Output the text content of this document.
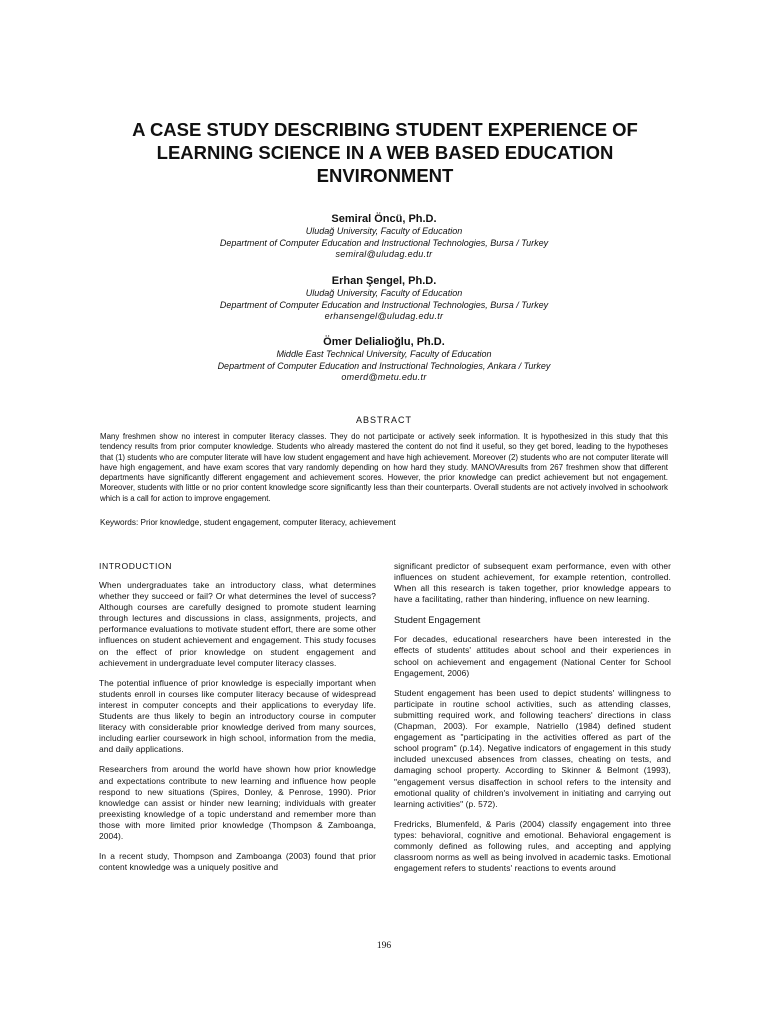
A CASE STUDY DESCRIBING STUDENT EXPERIENCE OF LEARNING SCIENCE IN A WEB BASED EDUCATION ENVIRONMENT
Semiral Öncü, Ph.D.
Uludağ University, Faculty of Education
Department of Computer Education and Instructional Technologies, Bursa / Turkey
semiral@uludag.edu.tr
Erhan Şengel, Ph.D.
Uludağ University, Faculty of Education
Department of Computer Education and Instructional Technologies, Bursa / Turkey
erhansengel@uludag.edu.tr
Ömer Delialioğlu, Ph.D.
Middle East Technical University, Faculty of Education
Department of Computer Education and Instructional Technologies, Ankara / Turkey
omerd@metu.edu.tr
ABSTRACT

Many freshmen show no interest in computer literacy classes. They do not participate or actively seek information. It is hypothesized in this study that this tendency results from prior computer knowledge. Students who already mastered the content do not find it useful, so they get bored, leading to the hypotheses that (1) students who are computer literate will have low student engagement and have high achievement. Moreover (2) students who are not computer literate will have high engagement, and have exam scores that vary randomly depending on how hard they study. MANOVAresults from 267 freshmen show that different departments have significantly different engagement and achievement scores. However, the prior knowledge can predict achievement but not engagement. Moreover, students with little or no prior content knowledge score significantly less than their counterparts. Overall students are not actively involved in schoolwork which is a call for action to improve engagement.

Keywords: Prior knowledge, student engagement, computer literacy, achievement
INTRODUCTION

When undergraduates take an introductory class, what determines whether they succeed or fail? Or what determines the level of success? Although courses are carefully designed to promote student learning through lectures and discussions in class, assignments, projects, and performance evaluations to motivate student effort, there are some other influences on student achievement and engagement. This study focuses on the effect of prior knowledge on student engagement and achievement in undergraduate level computer literacy classes.

The potential influence of prior knowledge is especially important when students enroll in courses like computer literacy because of widespread interest in computer concepts and their applications to everyday life. Students are thus likely to begin an introductory course in computer literacy with considerable prior knowledge derived from many sources, including earlier coursework in high school, information from the media, and daily applications.

Researchers from around the world have shown how prior knowledge and expectations contribute to new learning and influence how people respond to new situations (Spires, Donley, & Penrose, 1990). Prior knowledge can assist or hinder new learning; individuals with greater preexisting knowledge of a topic understand and remember more than those with more limited prior knowledge (Thompson & Zamboanga, 2004).

In a recent study, Thompson and Zamboanga (2003) found that prior content knowledge was a uniquely positive and

significant predictor of subsequent exam performance, even with other influences on student achievement, for example retention, controlled. When all this research is taken together, prior knowledge appears to have a facilitating, rather than hindering, influence on new learning.

Student Engagement

For decades, educational researchers have been interested in the effects of students' attitudes about school and their experiences in school on achievement and engagement (National Center for School Engagement, 2006)

Student engagement has been used to depict students' willingness to participate in routine school activities, such as attending classes, submitting required work, and following teachers' directions in class (Chapman, 2003). For example, Natriello (1984) defined student engagement as "participating in the activities offered as part of the school program" (p.14). Negative indicators of engagement in this study included unexcused absences from classes, cheating on tests, and damaging school property. According to Skinner & Belmont (1993), "engagement versus disaffection in school refers to the intensity and emotional quality of children's involvement in initiating and carrying out learning activities" (p. 572).

Fredricks, Blumenfeld, & Paris (2004) classify engagement into three types: behavioral, cognitive and emotional. Behavioral engagement is commonly defined as following rules, and accepting and applying classroom norms as well as being involved in academic tasks. Emotional engagement refers to students' reactions to events around

196
